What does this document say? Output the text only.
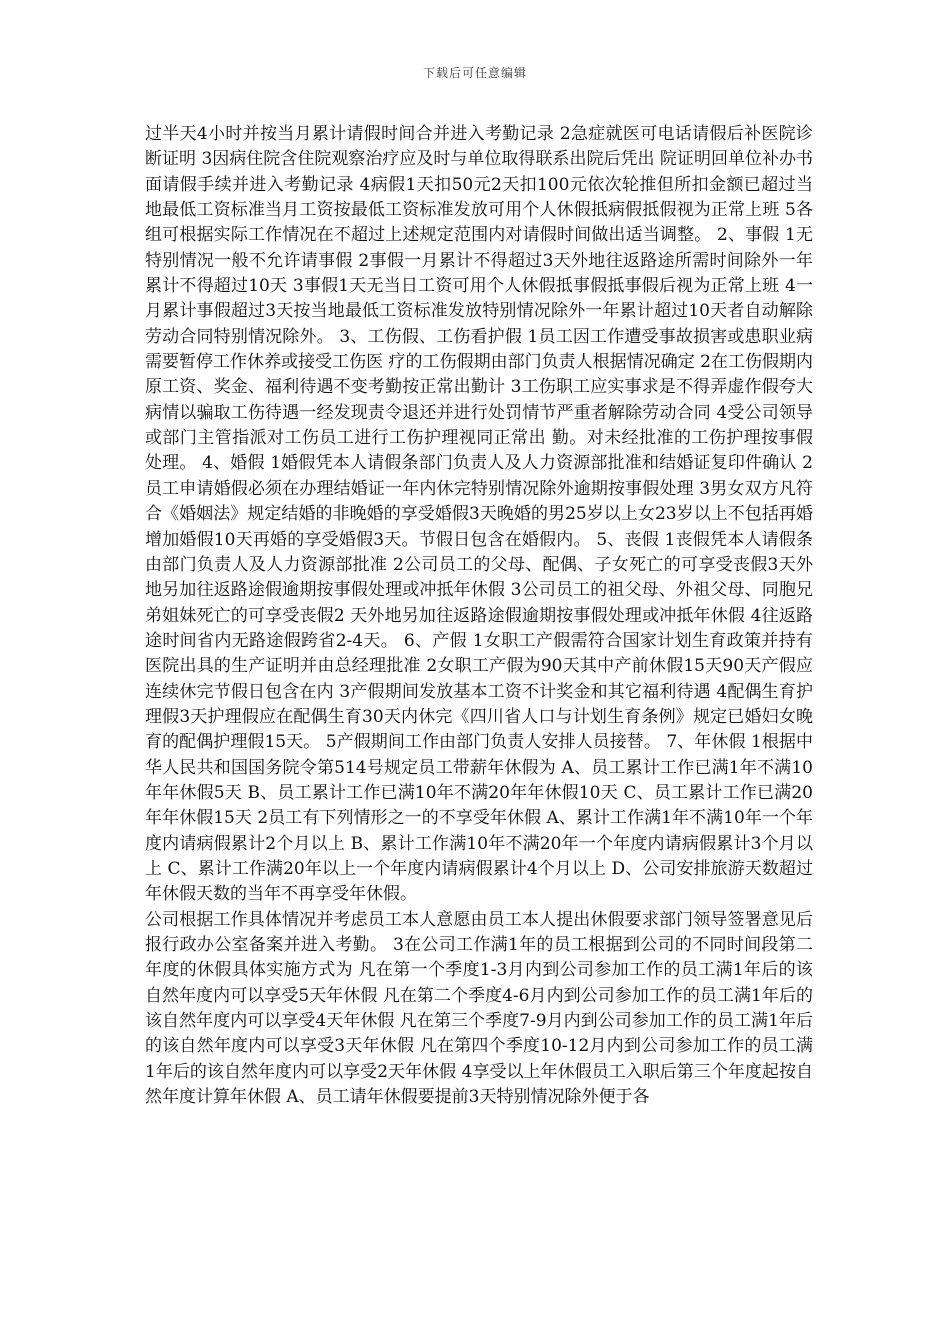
下载后可任意编辑

过半天4小时并按当月累计请假时间合并进入考勤记录 2急症就医可电话请假后补医院诊断证明 3因病住院含住院观察治疗应及时与单位取得联系出院后凭出 院证明回单位补办书面请假手续并进入考勤记录 4病假1天扣50元2天扣100元依次轮推但所扣金额已超过当地最低工资标准当月工资按最低工资标准发放可用个人休假抵病假抵假视为正常上班 5各组可根据实际工作情况在不超过上述规定范围内对请假时间做出适当调整。 2、事假 1无特别情况一般不允许请事假 2事假一月累计不得超过3天外地往返路途所需时间除外一年累计不得超过10天 3事假1天无当日工资可用个人休假抵事假抵事假后视为正常上班 4一月累计事假超过3天按当地最低工资标准发放特别情况除外一年累计超过10天者自动解除劳动合同特别情况除外。 3、工伤假、工伤看护假 1员工因工作遭受事故损害或患职业病需要暂停工作休养或接受工伤医 疗的工伤假期由部门负责人根据情况确定 2在工伤假期内原工资、奖金、福利待遇不变考勤按正常出勤计 3工伤职工应实事求是不得弄虚作假夸大病情以骗取工伤待遇一经发现责令退还并进行处罚情节严重者解除劳动合同 4受公司领导或部门主管指派对工伤员工进行工伤护理视同正常出 勤。对未经批准的工伤护理按事假处理。 4、婚假 1婚假凭本人请假条部门负责人及人力资源部批准和结婚证复印件确认 2员工申请婚假必须在办理结婚证一年内休完特别情况除外逾期按事假处理 3男女双方凡符合《婚姻法》规定结婚的非晚婚的享受婚假3天晚婚的男25岁以上女23岁以上不包括再婚增加婚假10天再婚的享受婚假3天。节假日包含在婚假内。 5、丧假 1丧假凭本人请假条由部门负责人及人力资源部批准 2公司员工的父母、配偶、子女死亡的可享受丧假3天外地另加往返路途假逾期按事假处理或冲抵年休假 3公司员工的祖父母、外祖父母、同胞兄弟姐妹死亡的可享受丧假2 天外地另加往返路途假逾期按事假处理或冲抵年休假 4往返路途时间省内无路途假跨省2-4天。 6、产假 1女职工产假需符合国家计划生育政策并持有医院出具的生产证明并由总经理批准 2女职工产假为90天其中产前休假15天90天产假应连续休完节假日包含在内 3产假期间发放基本工资不计奖金和其它福利待遇 4配偶生育护理假3天护理假应在配偶生育30天内休完《四川省人口与计划生育条例》规定已婚妇女晚育的配偶护理假15天。 5产假期间工作由部门负责人安排人员接替。 7、年休假 1根据中华人民共和国国务院令第514号规定员工带薪年休假为 A、员工累计工作已满1年不满10年年休假5天 B、员工累计工作已满10年不满20年年休假10天 C、员工累计工作已满20年年休假15天 2员工有下列情形之一的不享受年休假 A、累计工作满1年不满10年一个年度内请病假累计2个月以上 B、累计工作满10年不满20年一个年度内请病假累计3个月以上 C、累计工作满20年以上一个年度内请病假累计4个月以上 D、公司安排旅游天数超过年休假天数的当年不再享受年休假。

公司根据工作具体情况并考虑员工本人意愿由员工本人提出休假要求部门领导签署意见后报行政办公室备案并进入考勤。 3在公司工作满1年的员工根据到公司的不同时间段第二年度的休假具体实施方式为 凡在第一个季度1-3月内到公司参加工作的员工满1年后的该自然年度内可以享受5天年休假 凡在第二个季度4-6月内到公司参加工作的员工满1年后的该自然年度内可以享受4天年休假 凡在第三个季度7-9月内到公司参加工作的员工满1年后的该自然年度内可以享受3天年休假 凡在第四个季度10-12月内到公司参加工作的员工满1年后的该自然年度内可以享受2天年休假 4享受以上年休假员工入职后第三个年度起按自然年度计算年休假 A、员工请年休假要提前3天特别情况除外便于各
